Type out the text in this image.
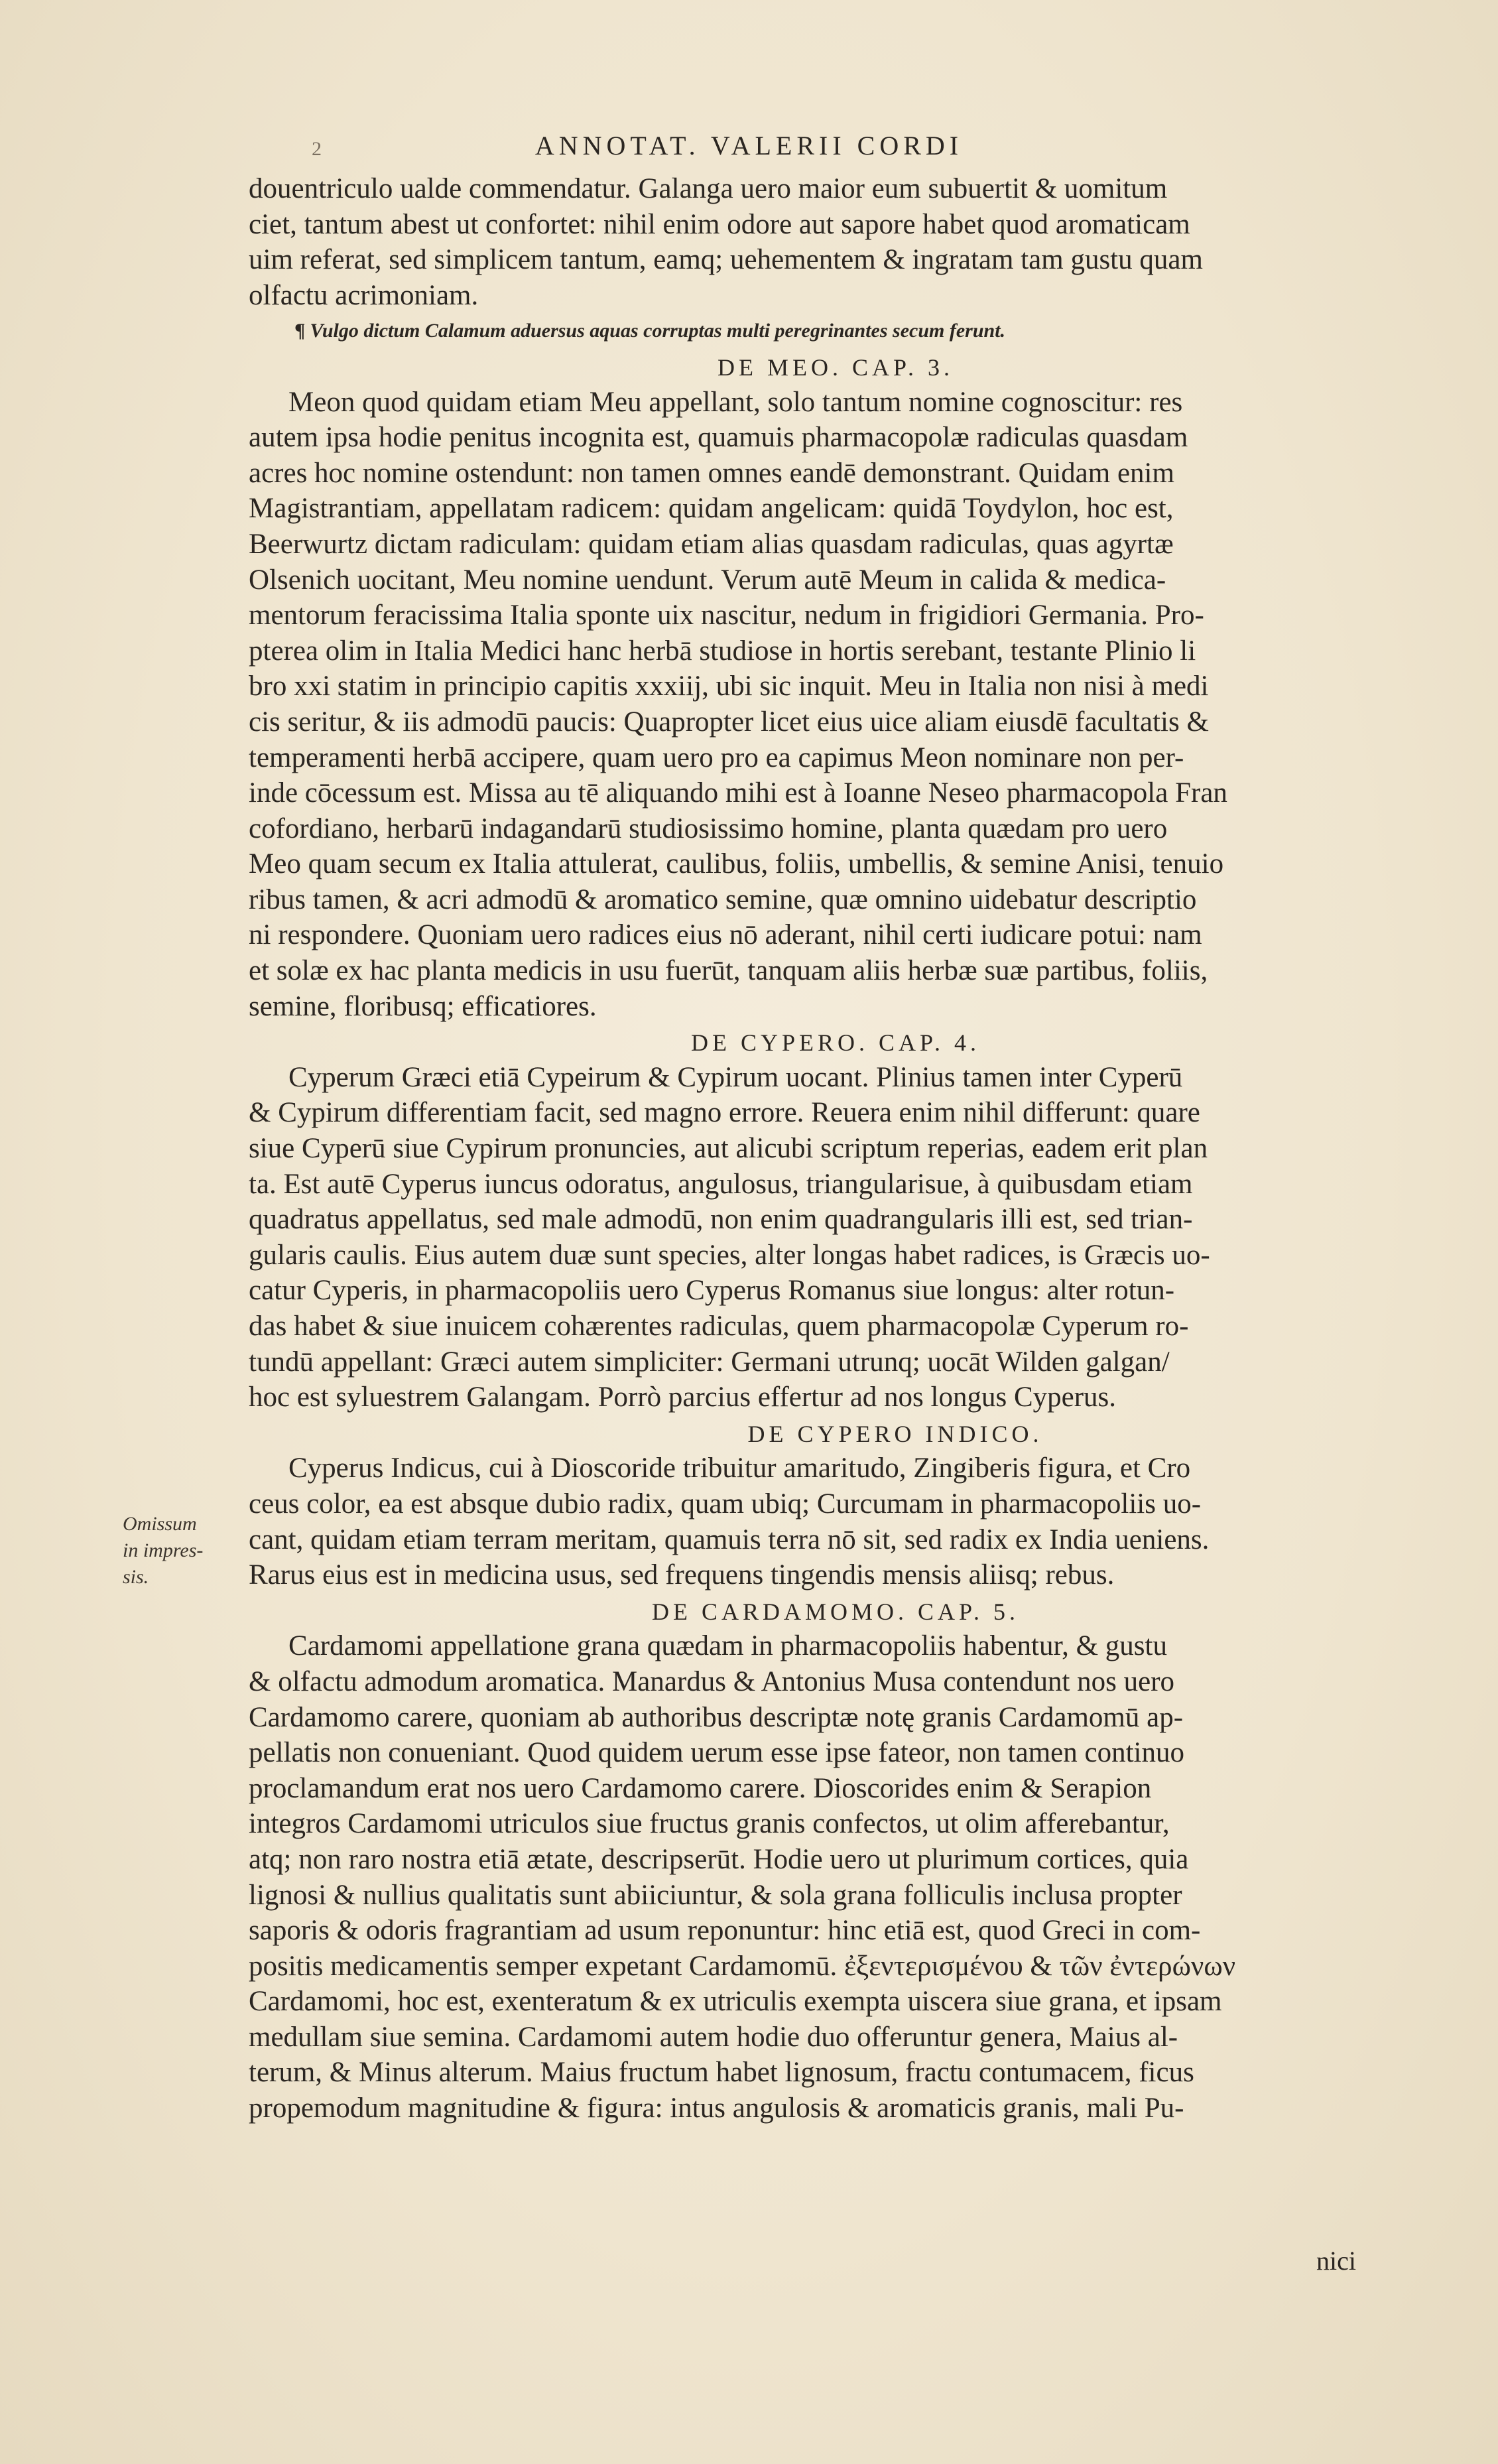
2	ANNOTAT. VALERII CORDI
Omissum
in impres-
sis.
douentriculo ualde commendatur. Galanga uero maior eum subuertit & uomitum
ciet, tantum abest ut confortet: nihil enim odore aut sapore habet quod aromaticam
uim referat, sed simplicem tantum, eamq; uehementem & ingratam tam gustu quam
olfactu acrimoniam.
¶ Vulgo dictum Calamum aduersus aquas corruptas multi peregrinantes secum ferunt.
DE MEO. CAP. 3.
Meon quod quidam etiam Meu appellant, solo tantum nomine cognoscitur: res
autem ipsa hodie penitus incognita est, quamuis pharmacopolæ radiculas quasdam
acres hoc nomine ostendunt: non tamen omnes eandē demonstrant. Quidam enim
Magistrantiam, appellatam radicem: quidam angelicam: quidā Toydylon, hoc est,
Beerwurtz dictam radiculam: quidam etiam alias quasdam radiculas, quas agyrtæ
Olsenich uocitant, Meu nomine uendunt. Verum autē Meum in calida & medica-
mentorum feracissima Italia sponte uix nascitur, nedum in frigidiori Germania. Pro-
pterea olim in Italia Medici hanc herbā studiose in hortis serebant, testante Plinio li
bro xxi statim in principio capitis xxxiij, ubi sic inquit. Meu in Italia non nisi à medi
cis seritur, & iis admodū paucis: Quapropter licet eius uice aliam eiusdē facultatis &
temperamenti herbā accipere, quam uero pro ea capimus Meon nominare non per-
inde cōcessum est. Missa au tē aliquando mihi est à Ioanne Neseo pharmacopola Fran
cofordiano, herbarū indagandarū studiosissimo homine, planta quædam pro uero
Meo quam secum ex Italia attulerat, caulibus, foliis, umbellis, & semine Anisi, tenuio
ribus tamen, & acri admodū & aromatico semine, quæ omnino uidebatur descriptio
ni respondere. Quoniam uero radices eius nō aderant, nihil certi iudicare potui: nam
et solæ ex hac planta medicis in usu fuerūt, tanquam aliis herbæ suæ partibus, foliis,
semine, floribusq; efficatiores.
DE CYPERO. CAP. 4.
Cyperum Græci etiā Cypeirum & Cypirum uocant. Plinius tamen inter Cyperū
& Cypirum differentiam facit, sed magno errore. Reuera enim nihil differunt: quare
siue Cyperū siue Cypirum pronuncies, aut alicubi scriptum reperias, eadem erit plan
ta. Est autē Cyperus iuncus odoratus, angulosus, triangularisue, à quibusdam etiam
quadratus appellatus, sed male admodū, non enim quadrangularis illi est, sed trian-
gularis caulis. Eius autem duæ sunt species, alter longas habet radices, is Græcis uo-
catur Cyperis, in pharmacopoliis uero Cyperus Romanus siue longus: alter rotun-
das habet & siue inuicem cohærentes radiculas, quem pharmacopolæ Cyperum ro-
tundū appellant: Græci autem simpliciter: Germani utrunq; uocāt Wilden galgan/
hoc est syluestrem Galangam. Porrò parcius effertur ad nos longus Cyperus.
DE CYPERO INDICO.
Cyperus Indicus, cui à Dioscoride tribuitur amaritudo, Zingiberis figura, et Cro
ceus color, ea est absque dubio radix, quam ubiq; Curcumam in pharmacopoliis uo-
cant, quidam etiam terram meritam, quamuis terra nō sit, sed radix ex India ueniens.
Rarus eius est in medicina usus, sed frequens tingendis mensis aliisq; rebus.
DE CARDAMOMO. CAP. 5.
Cardamomi appellatione grana quædam in pharmacopoliis habentur, & gustu
& olfactu admodum aromatica. Manardus & Antonius Musa contendunt nos uero
Cardamomo carere, quoniam ab authoribus descriptæ notę granis Cardamomū ap-
pellatis non conueniant. Quod quidem uerum esse ipse fateor, non tamen continuo
proclamandum erat nos uero Cardamomo carere. Dioscorides enim & Serapion
integros Cardamomi utriculos siue fructus granis confectos, ut olim afferebantur,
atq; non raro nostra etiā ætate, descripserūt. Hodie uero ut plurimum cortices, quia
lignosi & nullius qualitatis sunt abiiciuntur, & sola grana folliculis inclusa propter
saporis & odoris fragrantiam ad usum reponuntur: hinc etiā est, quod Greci in com-
positis medicamentis semper expetant Cardamomū. ἐξεντερισμένου & τῶν ἐντερώνων
Cardamomi, hoc est, exenteratum & ex utriculis exempta uiscera siue grana, et ipsam
medullam siue semina. Cardamomi autem hodie duo offeruntur genera, Maius al-
terum, & Minus alterum. Maius fructum habet lignosum, fractu contumacem, ficus
propemodum magnitudine & figura: intus angulosis & aromaticis granis, mali Pu-
nici
